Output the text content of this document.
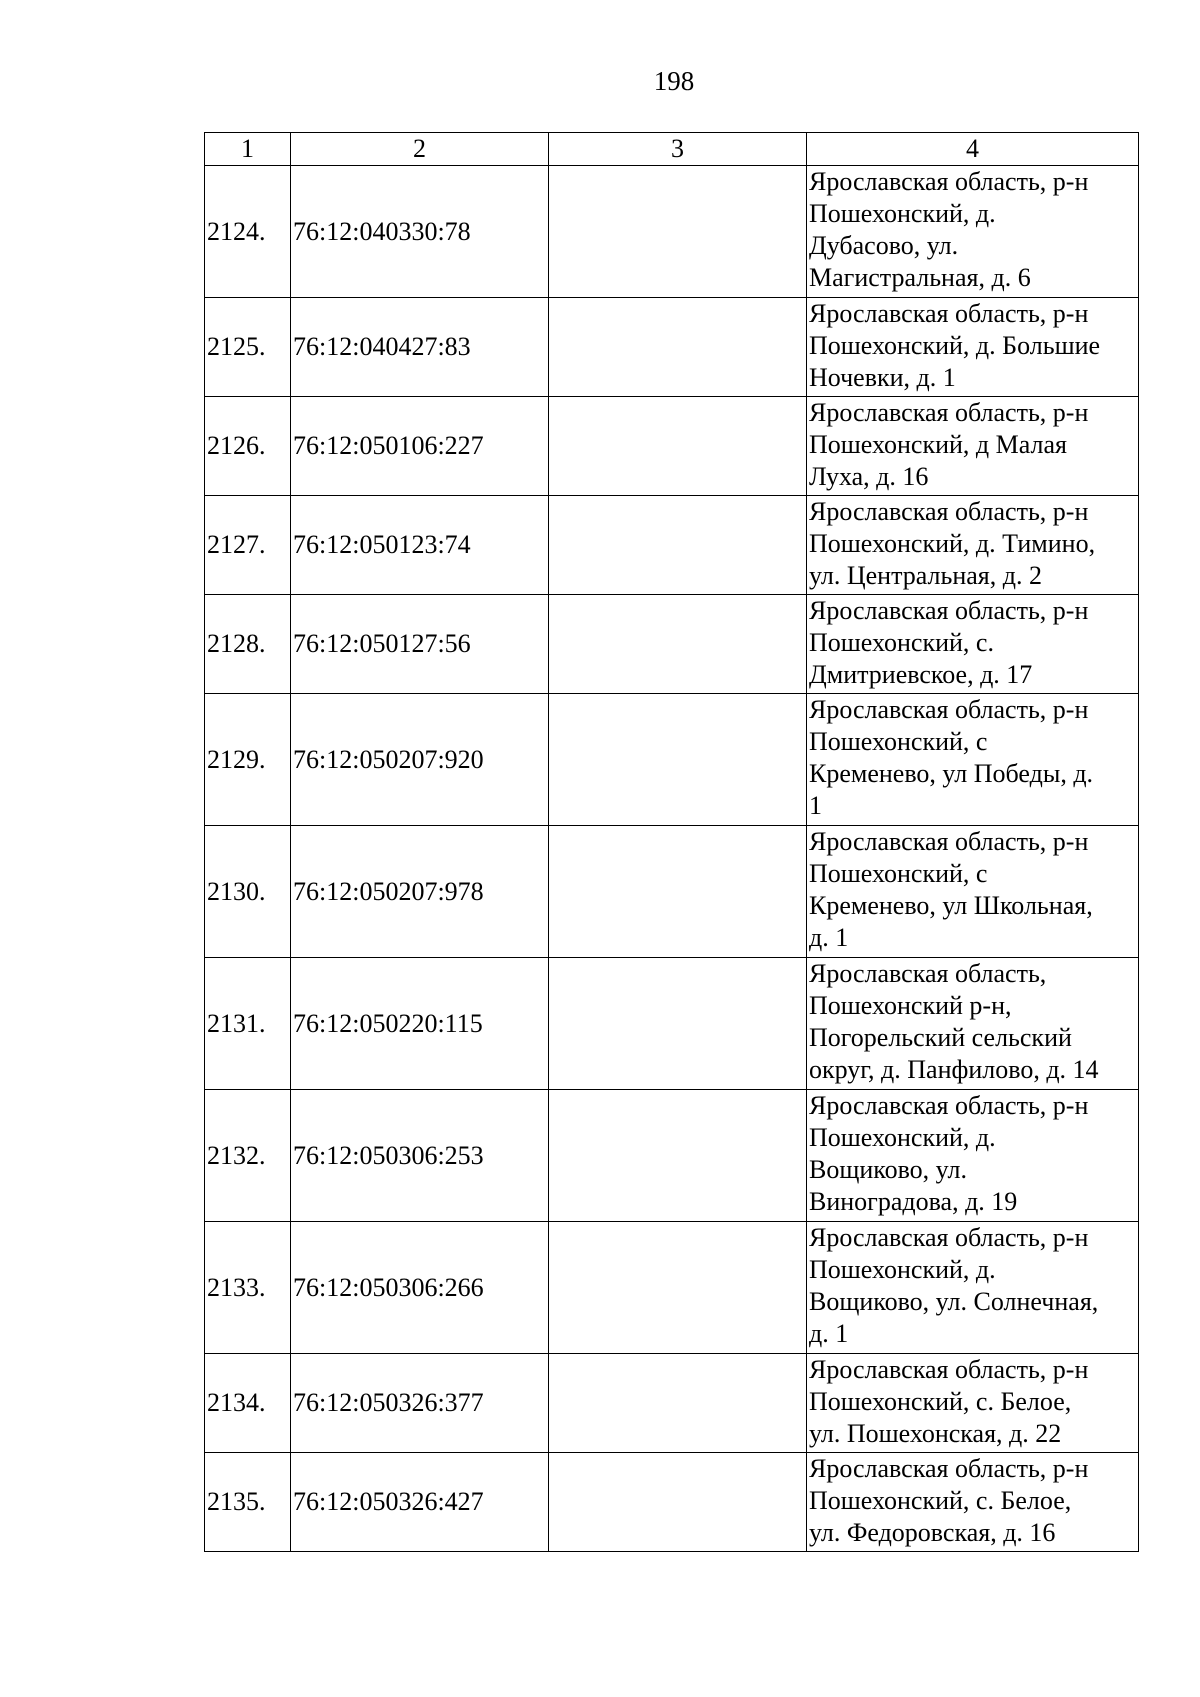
198
1	2	3	4
2124.	76:12:040330:78		Ярославская область, р-н
Пошехонский, д.
Дубасово, ул.
Магистральная, д. 6

2125.	76:12:040427:83		Ярославская область, р-н
Пошехонский, д. Большие
Ночевки, д. 1

2126.	76:12:050106:227		Ярославская область, р-н
Пошехонский, д Малая
Луха, д. 16

2127.	76:12:050123:74		Ярославская область, р-н
Пошехонский, д. Тимино,
ул. Центральная, д. 2

2128.	76:12:050127:56		Ярославская область, р-н
Пошехонский, с.
Дмитриевское, д. 17

2129.	76:12:050207:920		Ярославская область, р-н
Пошехонский, с
Кременево, ул Победы, д.
1

2130.	76:12:050207:978		Ярославская область, р-н
Пошехонский, с
Кременево, ул Школьная,
д. 1

2131.	76:12:050220:115		Ярославская область,
Пошехонский р-н,
Погорельский сельский
округ, д. Панфилово, д. 14

2132.	76:12:050306:253		Ярославская область, р-н
Пошехонский, д.
Вощиково, ул.
Виноградова, д. 19

2133.	76:12:050306:266		Ярославская область, р-н
Пошехонский, д.
Вощиково, ул. Солнечная,
д. 1

2134.	76:12:050326:377		Ярославская область, р-н
Пошехонский, с. Белое,
ул. Пошехонская, д. 22

2135.	76:12:050326:427		Ярославская область, р-н
Пошехонский, с. Белое,
ул. Федоровская, д. 16
